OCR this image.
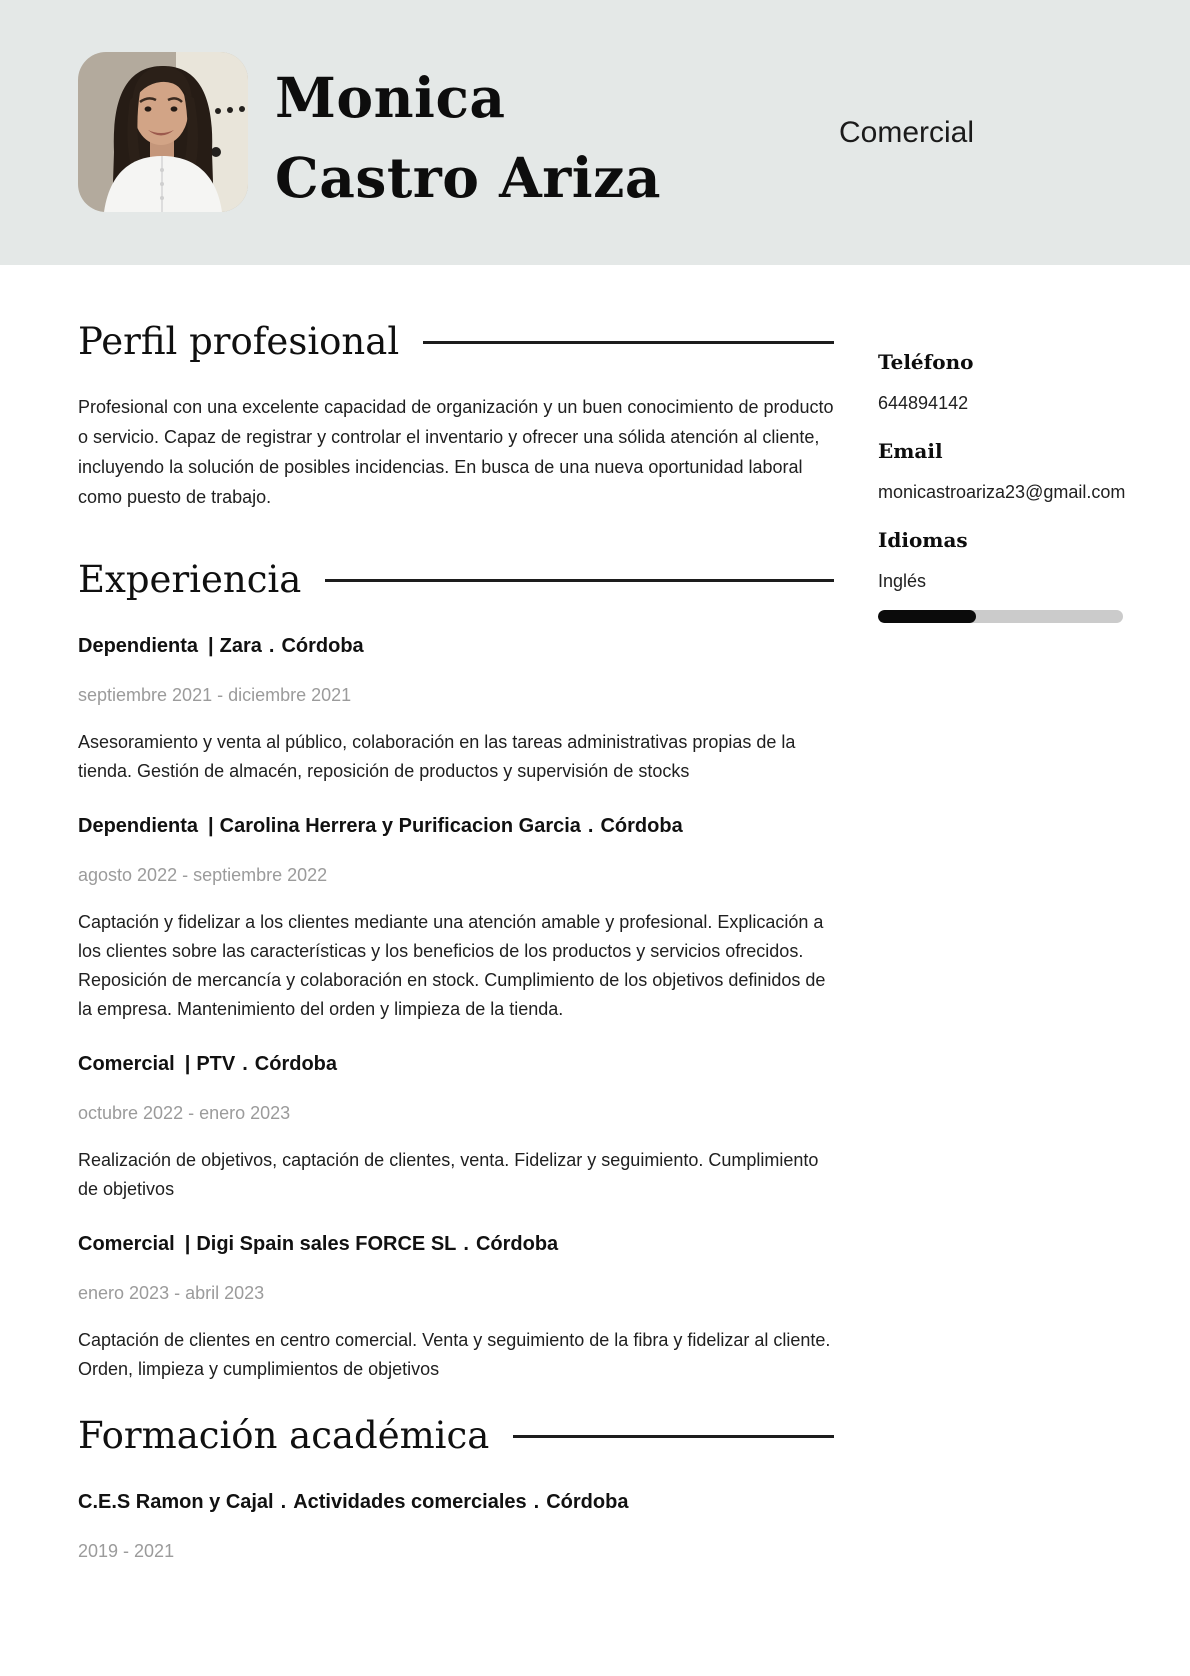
Monica
Castro Ariza
Comercial
Perfil profesional

Profesional con una excelente capacidad de organización y un buen conocimiento de producto o servicio. Capaz de registrar y controlar el inventario y ofrecer una sólida atención al cliente, incluyendo la solución de posibles incidencias. En busca de una nueva oportunidad laboral como puesto de trabajo.

Experiencia
Dependienta | Zara . Córdoba
septiembre 2021 - diciembre 2021
Asesoramiento y venta al público, colaboración en las tareas administrativas propias de la tienda. Gestión de almacén, reposición de productos y supervisión de stocks
Dependienta | Carolina Herrera y Purificacion Garcia . Córdoba
agosto 2022 - septiembre 2022
Captación y fidelizar a los clientes mediante una atención amable y profesional. Explicación a los clientes sobre las características y los beneficios de los productos y servicios ofrecidos. Reposición de mercancía y colaboración en stock. Cumplimiento de los objetivos definidos de la empresa. Mantenimiento del orden y limpieza de la tienda.
Comercial | PTV . Córdoba
octubre 2022 - enero 2023
Realización de objetivos, captación de clientes, venta. Fidelizar y seguimiento. Cumplimiento de objetivos
Comercial | Digi Spain sales FORCE SL . Córdoba
enero 2023 - abril 2023
Captación de clientes en centro comercial. Venta y seguimiento de la fibra y fidelizar al cliente. Orden, limpieza y cumplimientos de objetivos
Formación académica
C.E.S Ramon y Cajal . Actividades comerciales . Córdoba
2019 - 2021
Teléfono
644894142
Email
monicastroariza23@gmail.com
Idiomas
Inglés
